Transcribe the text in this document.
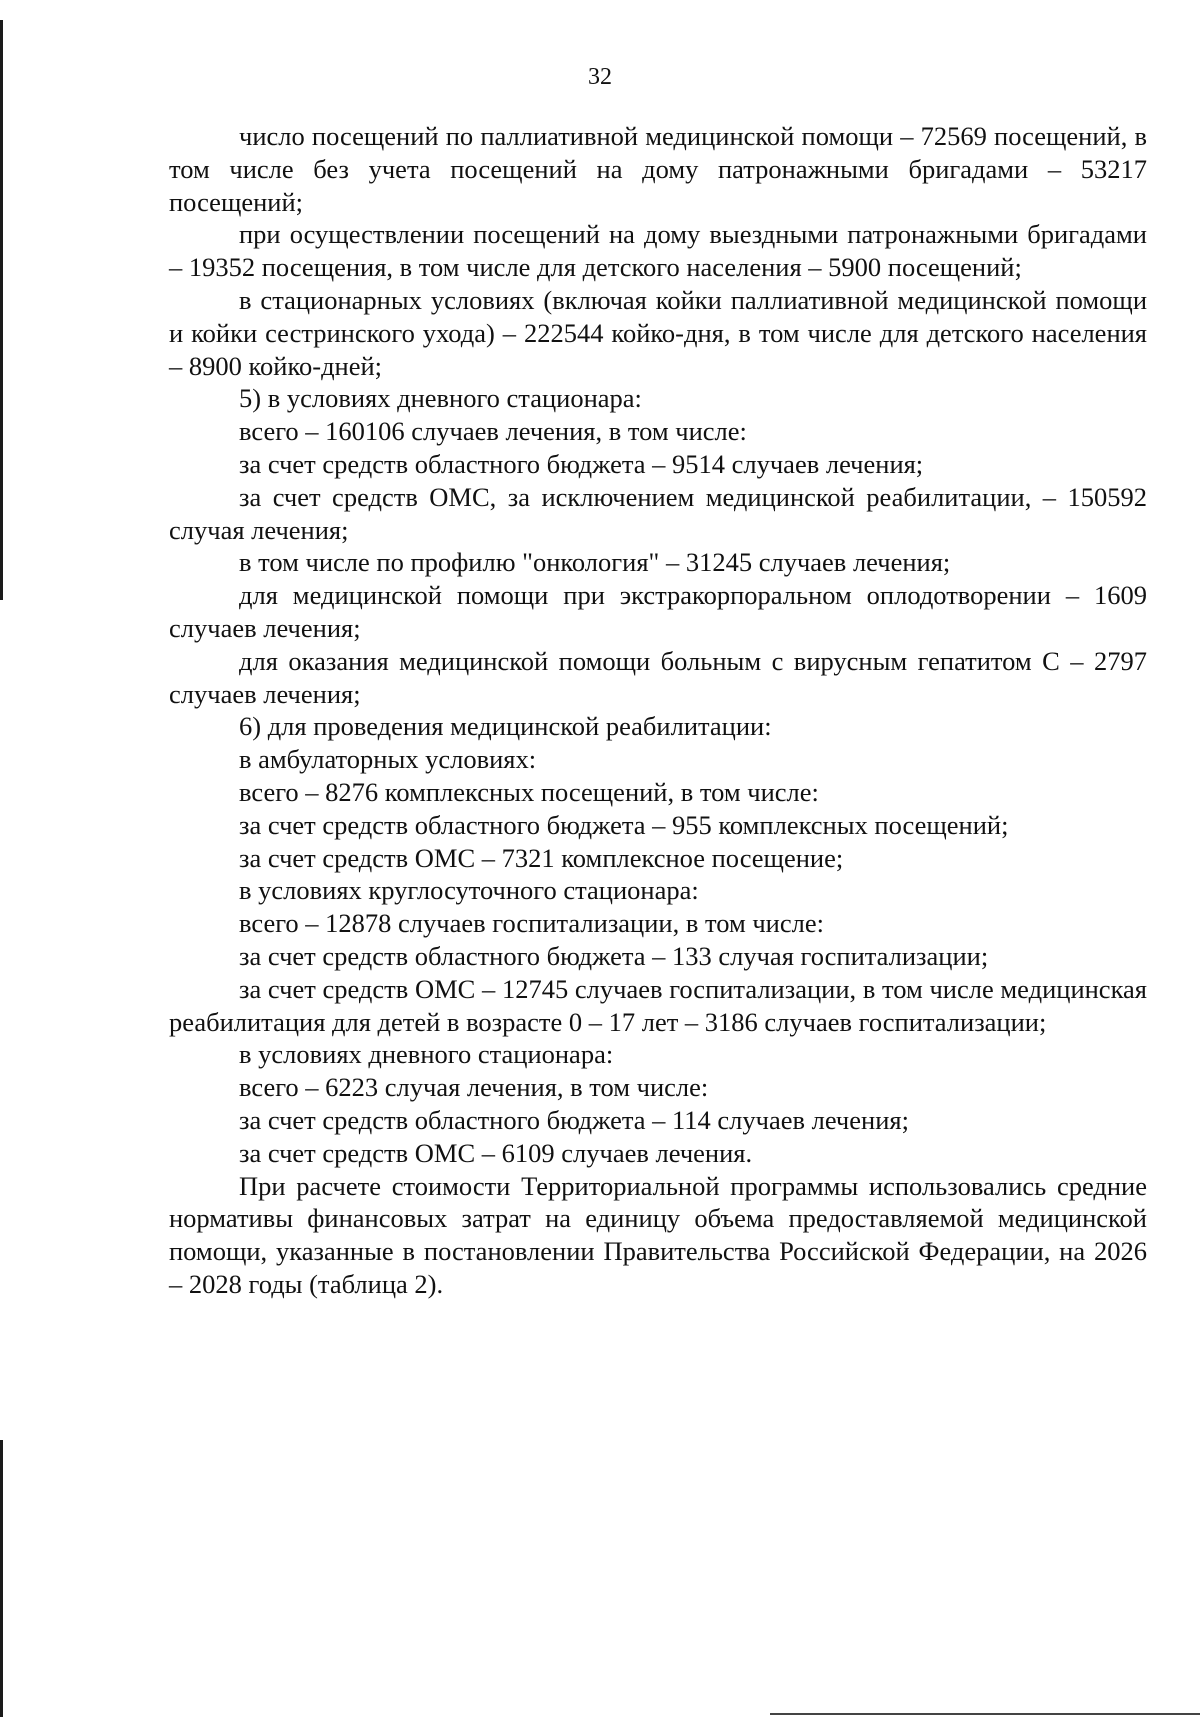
32

число посещений по паллиативной медицинской помощи – 72569 посещений, в том числе без учета посещений на дому патронажными бригадами – 53217 посещений;

при осуществлении посещений на дому выездными патронажными бригадами – 19352 посещения, в том числе для детского населения – 5900 посещений;

в стационарных условиях (включая койки паллиативной медицинской помощи и койки сестринского ухода) – 222544 койко-дня, в том числе для детского населения – 8900 койко-дней;

5) в условиях дневного стационара:

всего – 160106 случаев лечения, в том числе:

за счет средств областного бюджета – 9514 случаев лечения;

за счет средств ОМС, за исключением медицинской реабилитации, – 150592 случая лечения;

в том числе по профилю "онкология" – 31245 случаев лечения;

для медицинской помощи при экстракорпоральном оплодотворении – 1609 случаев лечения;

для оказания медицинской помощи больным с вирусным гепатитом С – 2797 случаев лечения;

6) для проведения медицинской реабилитации:

в амбулаторных условиях:

всего – 8276 комплексных посещений, в том числе:

за счет средств областного бюджета – 955 комплексных посещений;

за счет средств ОМС – 7321 комплексное посещение;

в условиях круглосуточного стационара:

всего – 12878 случаев госпитализации, в том числе:

за счет средств областного бюджета – 133 случая госпитализации;

за счет средств ОМС – 12745 случаев госпитализации, в том числе медицинская реабилитация для детей в возрасте 0 – 17 лет – 3186 случаев госпитализации;

в условиях дневного стационара:

всего – 6223 случая лечения, в том числе:

за счет средств областного бюджета – 114 случаев лечения;

за счет средств ОМС – 6109 случаев лечения.

При расчете стоимости Территориальной программы использовались средние нормативы финансовых затрат на единицу объема предоставляемой медицинской помощи, указанные в постановлении Правительства Российской Федерации, на 2026 – 2028 годы (таблица 2).
